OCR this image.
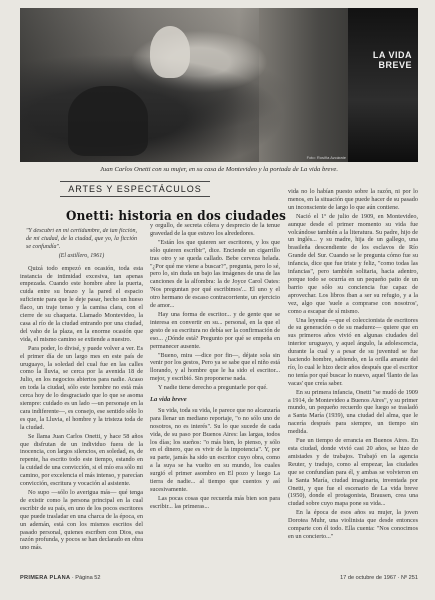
LA VIDA BREVE
Foto: Rosiña Azcárate
Juan Carlos Onetti con su mujer, en su casa de Montevideo y la portada de La vida breve.
ARTES Y ESPECTÁCULOS
Onetti: historia en dos ciudades

"Y descubrí en mi certidumbre, de tan ficción, de mi ciudad, de la ciudad, que yo, la ficción se confundía".

(El astillero, 1961)

Quizá todo empezó en ocasión, toda esta instancia de intimidad excesiva, tan apenas empezada. Cuando este hombre abre la puerta, cuida entre su brazo y la pared el espacio suficiente para que le deje pasar, hecho un hueso flaco, un traje tenso y la camisa clara, con el cierre de su chaqueta. Llamado Montevideo, la casa al río de la ciudad entrando por una ciudad, del vaho de la plaza, en la enorme ocasión que vida, el mismo camino se extiende a nuestro.

Para poder, lo divisé, y puede volver a ver. Es el primer día de un largo mes en este país de uruguayo, la soledad del cual fue en las calles como la lluvia, se cerca por la avenida 18 de Julio, en los negocios abiertos para nadie. Acaso en toda la ciudad, sólo este hombre no está más cerca hoy de lo desgraciado que lo que se asoma siempre: cuidado es un lado —un personaje en la cara indiferente—, es consejo, ese sentido sólo lo es que, la Lluvia, el hombre y la tristeza toda de la ciudad.

Se llama Juan Carlos Onetti, y hace 58 años que disfrutan de un individuo fuera de la inocencia, con largos silencios, en soledad, es, de repente, ha escrito todo este tiempo, estando en la cuidad de una convicción, si el mío era sólo mi camino, por excelencia el más intenso, y parecían convicción, escritura y vocación al asistente.

No supo —sólo lo averigua más— qué tenga de existir como la persona principal en la cual escribir de su país, en uno de los pocos escritores que puede trasladar en una charca de la época, en un ademán, está con los mismos escritos del pasado personal, quienes escriben con Dios, esa razón profunda, y pocos se han declarado en obra uno más.

y orgullo, de secreta cólera y desprecio de la tenue gravedad de la que estuvo los alrededores.

"Están los que quieren ser escritores, y los que sólo quieren escribir", dice. Enciende un cigarrillo tras otro y se queda callado. Bebe cerveza helada. "¿Por qué me viene a buscar?", pregunta, pero lo sé, pero lo, sin duda un bajo las imágenes de una de las canciones de la alfombra: la de Joyce Carol Oates: 'Nos preguntan por qué escribimos'... El uno y el otro hermano de escaso contracorriente, un ejercicio de amor...

Hay una forma de escritor... y de gente que se interesa en convertir en su... personal, en la que el gesto de su escritura no debía ser la confirmación de eso... ¿Dónde está? Pregunto por qué se empeña en permanecer ausente.

"Bueno, mira —dice por fin—, déjate sola sin venir por los gestos, Pero ya se sabe que el niño está llorando, y al hombre que le ha sido el escritor... mejor, y escribió. Sin proponerse nada.

Y nadie tiene derecho a preguntarle por qué.

La vida breve

Su vida, toda su vida, le parece que no alcanzaría para llenar un mediano reportaje, "o no sólo uno de nosotros, no es interés". Su lo que sucede de cada vida, de su paso por Buenos Aires: las largas, todos los días; los sueños: "o más bien, lo pienso, y sólo en el dinero, que es vivir de la impotencia". Y, por su parte, jamás ha sido un escritor cuyo obra, como a la suya se ha vuelto en su mundo, los cuales surgió el primer asombro en El pozo y luego La tierra de nadie... al tiempo que cuentos y así sucesivamente.

Las pocas cosas que recuerda más bien son para escribir... las primeras...

vida no lo habían puesto sobre la razón, ni por lo menos, en la situación que puede hacer de su pasado un inconsciente de largo lo que aún contiene.

Nació el 1º de julio de 1909, en Montevideo, aunque desde el primer momento su vida fue volcándose también a la literatura. Su padre, hijo de un inglés... y su madre, hija de un gallego, una brasileña descendiente de los esclavos de Río Grande del Sur. Cuando se le pregunta cómo fue su infancia, dice que fue triste y feliz, "como todas las infancias", pero también solitaria, hacia adentro, porque todo se ocurría en un pequeño patio de un barrio que sólo su conciencia fue capaz de aprovechar. Los libros iban a ser su refugio, y a la vez, algo que 'suele a comprarse con nosotros', como a escapar de sí mismo.

Una leyenda —que el coleccionista de escritores de su generación o de su madurez— quiere que en sus primeros años vivió en algunas ciudades del interior uruguayo, y aquel ángulo, la adolescencia, durante la cual y a pesar de su juventud se fue haciendo hombre, sabiendo, en la orilla amante del río, lo cual le hizo decir años después que el escritor no tenía por qué buscar lo nuevo, aquel 'llanto de las vacas' que creía saber.

En su primera infancia, Onetti "se mudó de 1909 a 1914, de Montevideo a Buenos Aires", y su primer mundo, un pequeño recuerdo que luego se trasladó a Santa María (1939), una ciudad del alma, que le nacería después para siempre, un tiempo sin medida.

Fue un tiempo de errancia en Buenos Aires. En esta ciudad, donde vivió casi 20 años, se hizo de amistades y de trabajos. Trabajó en la agencia Reuter, y tradujo, como al empezar, las ciudades que se confundían para él, y ambas se volvieron en la Santa María, ciudad imaginaria, inventada por Onetti, y que fue el escenario de La vida breve (1950), donde el protagonista, Brausen, crea una ciudad sobre cuyo mapa pone su vida...

En la época de esos años su mujer, la joven Dorotea Muhr, una violinista que desde entonces comparte con él todo. Ella cuenta: "Nos conocimos en un concierto..."

PRIMERA PLANA · Página 52	17 de octubre de 1967 · Nº 251
